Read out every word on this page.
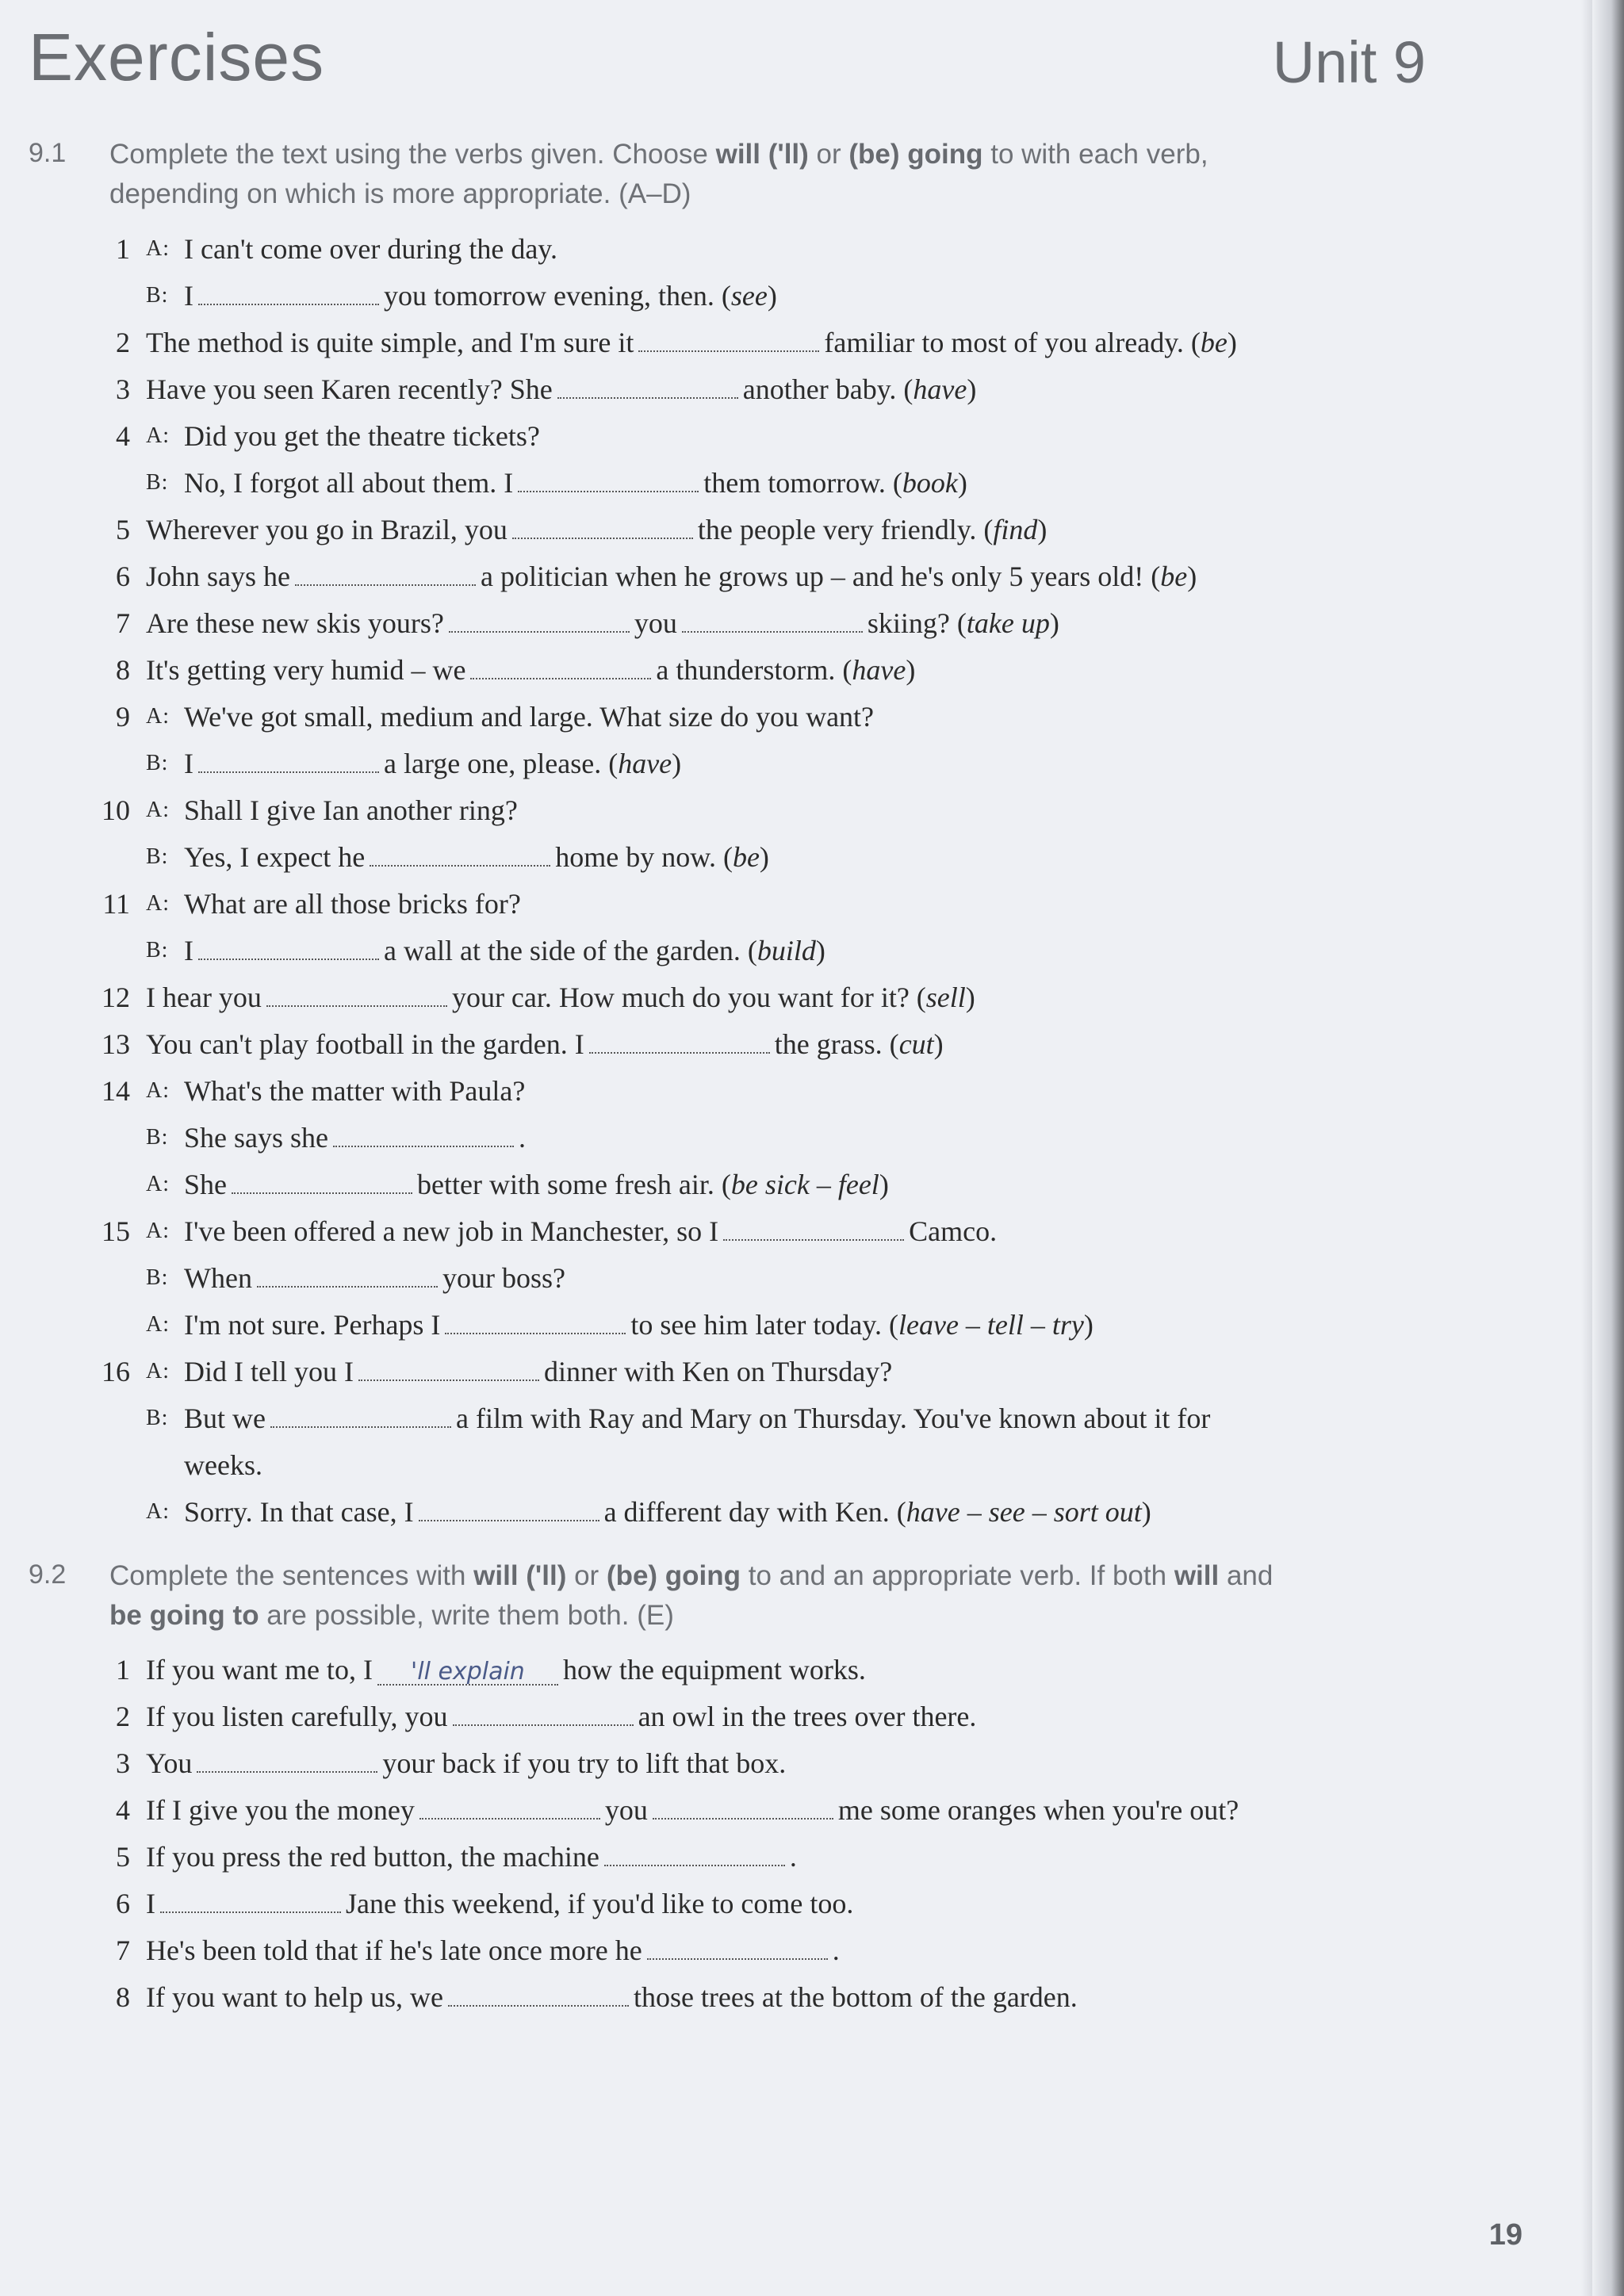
Exercises	Unit 9
9.1 Complete the text using the verbs given. Choose will ('ll) or (be) going to with each verb,
depending on which is more appropriate. (A–D)
1 A: I can't come over during the day.
B: I	you tomorrow evening, then. (see)
2 The method is quite simple, and I'm sure it	familiar to most of you already. (be)
3 Have you seen Karen recently? She	another baby. (have)
4 A: Did you get the theatre tickets?
B: No, I forgot all about them. I	them tomorrow. (book)
5 Wherever you go in Brazil, you	the people very friendly. (find)
6 John says he	a politician when he grows up – and he's only 5 years old! (be)
7 Are these new skis yours?	you	skiing? (take up)
8 It's getting very humid – we	a thunderstorm. (have)
9 A: We've got small, medium and large. What size do you want?
B: I	a large one, please. (have)
10 A: Shall I give Ian another ring?
B: Yes, I expect he	home by now. (be)
11 A: What are all those bricks for?
B: I	a wall at the side of the garden. (build)
12 I hear you	your car. How much do you want for it? (sell)
13 You can't play football in the garden. I	the grass. (cut)
14 A: What's the matter with Paula?
B: She says she	.
A: She	better with some fresh air. (be sick – feel)
15 A: I've been offered a new job in Manchester, so I	Camco.
B: When	your boss?
A: I'm not sure. Perhaps I	to see him later today. (leave – tell – try)
16 A: Did I tell you I	dinner with Ken on Thursday?
B: But we	a film with Ray and Mary on Thursday. You've known about it for
weeks.
A: Sorry. In that case, I	a different day with Ken. (have – see – sort out)
9.2 Complete the sentences with will ('ll) or (be) going to and an appropriate verb. If both will and
be going to are possible, write them both. (E)
1 If you want me to, I 'll explain how the equipment works.
2 If you listen carefully, you	an owl in the trees over there.
3 You	your back if you try to lift that box.
4 If I give you the money	you	me some oranges when you're out?
5 If you press the red button, the machine	.
6 I	Jane this weekend, if you'd like to come too.
7 He's been told that if he's late once more he	.
8 If you want to help us, we	those trees at the bottom of the garden.
19
